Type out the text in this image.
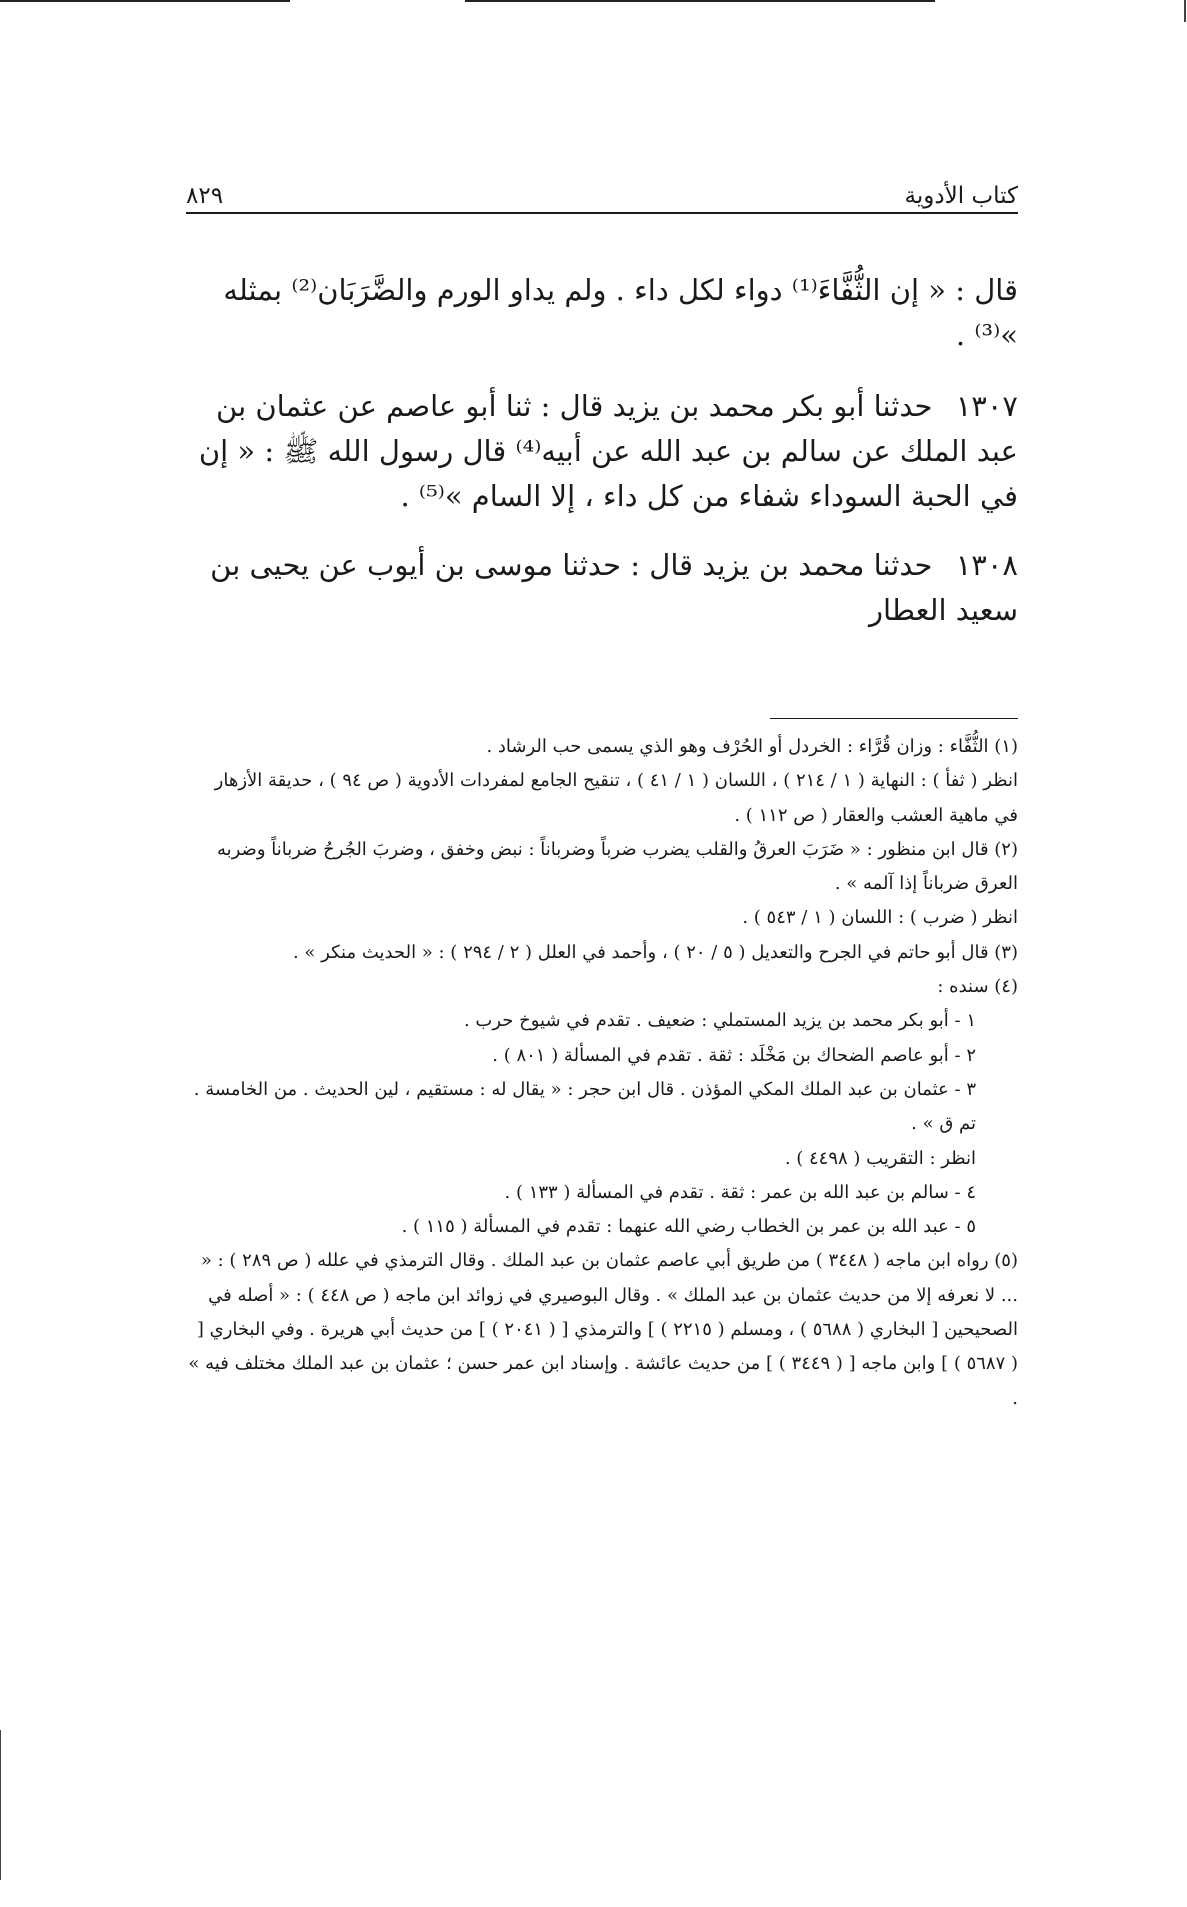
كتاب الأدوية
٨٢٩

قال : « إن الثُّفَّاءَ⁽¹⁾ دواء لكل داء . ولم يداو الورم والضَّرَبَان⁽²⁾ بمثله »⁽³⁾ .

١٣٠٧ حدثنا أبو بكر محمد بن يزيد قال : ثنا أبو عاصم عن عثمان بن عبد الملك عن سالم بن عبد الله عن أبيه⁽⁴⁾ قال رسول الله ﷺ : « إن في الحبة السوداء شفاء من كل داء ، إلا السام »⁽⁵⁾ .

١٣٠٨ حدثنا محمد بن يزيد قال : حدثنا موسى بن أيوب عن يحيى بن سعيد العطار

(١) الثُّفَّاء : وزان قُرَّاء : الخردل أو الحُرْف وهو الذي يسمى حب الرشاد .

انظر ( ثفأ ) : النهاية ( ١ / ٢١٤ ) ، اللسان ( ١ / ٤١ ) ، تنقيح الجامع لمفردات الأدوية ( ص ٩٤ ) ، حديقة الأزهار في ماهية العشب والعقار ( ص ١١٢ ) .

(٢) قال ابن منظور : « ضَرَبَ العرقُ والقلب يضرب ضرباً وضرباناً : نبض وخفق ، وضربَ الجُرحُ ضرباناً وضربه العرق ضرباناً إذا آلمه » .

انظر ( ضرب ) : اللسان ( ١ / ٥٤٣ ) .

(٣) قال أبو حاتم في الجرح والتعديل ( ٥ / ٢٠ ) ، وأحمد في العلل ( ٢ / ٢٩٤ ) : « الحديث منكر » .

(٤) سنده :

١ - أبو بكر محمد بن يزيد المستملي : ضعيف . تقدم في شيوخ حرب .

٢ - أبو عاصم الضحاك بن مَخْلَد : ثقة . تقدم في المسألة ( ٨٠١ ) .

٣ - عثمان بن عبد الملك المكي المؤذن . قال ابن حجر : « يقال له : مستقيم ، لين الحديث . من الخامسة . تم ق » .

انظر : التقريب ( ٤٤٩٨ ) .

٤ - سالم بن عبد الله بن عمر : ثقة . تقدم في المسألة ( ١٣٣ ) .

٥ - عبد الله بن عمر بن الخطاب رضي الله عنهما : تقدم في المسألة ( ١١٥ ) .

(٥) رواه ابن ماجه ( ٣٤٤٨ ) من طريق أبي عاصم عثمان بن عبد الملك . وقال الترمذي في علله ( ص ٢٨٩ ) : « ... لا نعرفه إلا من حديث عثمان بن عبد الملك » . وقال البوصيري في زوائد ابن ماجه ( ص ٤٤٨ ) : « أصله في الصحيحين [ البخاري ( ٥٦٨٨ ) ، ومسلم ( ٢٢١٥ ) ] والترمذي [ ( ٢٠٤١ ) ] من حديث أبي هريرة . وفي البخاري [ ( ٥٦٨٧ ) ] وابن ماجه [ ( ٣٤٤٩ ) ] من حديث عائشة . وإسناد ابن عمر حسن ؛ عثمان بن عبد الملك مختلف فيه » .
